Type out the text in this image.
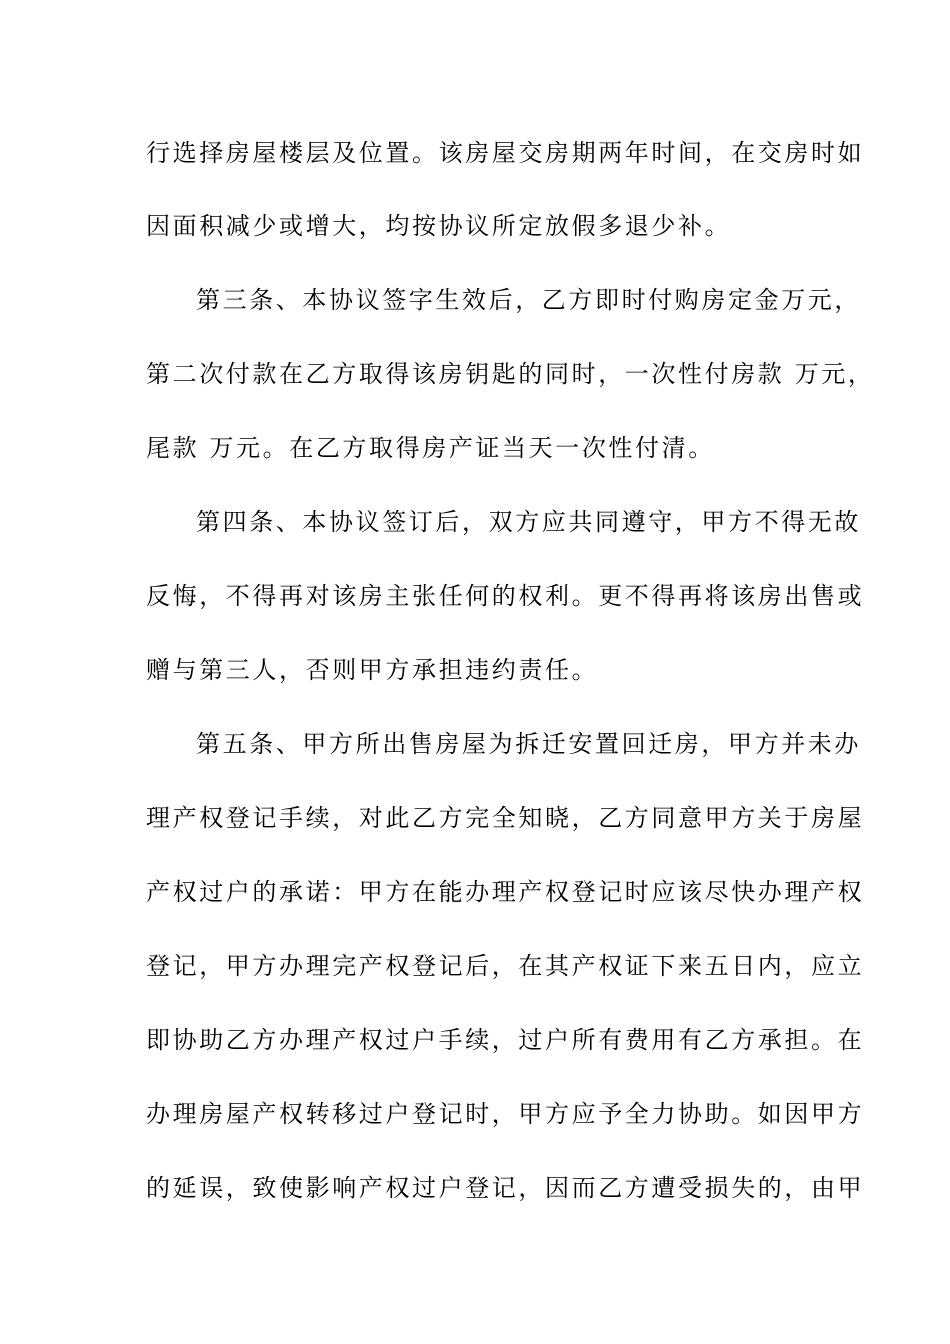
行选择房屋楼层及位置。该房屋交房期两年时间，在交房时如
因面积减少或增大，均按协议所定放假多退少补。
第三条、本协议签字生效后，乙方即时付购房定金万元，
第二次付款在乙方取得该房钥匙的同时，一次性付房款 万元，
尾款 万元。在乙方取得房产证当天一次性付清。
第四条、本协议签订后，双方应共同遵守，甲方不得无故
反悔，不得再对该房主张任何的权利。更不得再将该房出售或
赠与第三人，否则甲方承担违约责任。
第五条、甲方所出售房屋为拆迁安置回迁房，甲方并未办
理产权登记手续，对此乙方完全知晓，乙方同意甲方关于房屋
产权过户的承诺：甲方在能办理产权登记时应该尽快办理产权
登记，甲方办理完产权登记后，在其产权证下来五日内，应立
即协助乙方办理产权过户手续，过户所有费用有乙方承担。在
办理房屋产权转移过户登记时，甲方应予全力协助。如因甲方
的延误，致使影响产权过户登记，因而乙方遭受损失的，由甲
